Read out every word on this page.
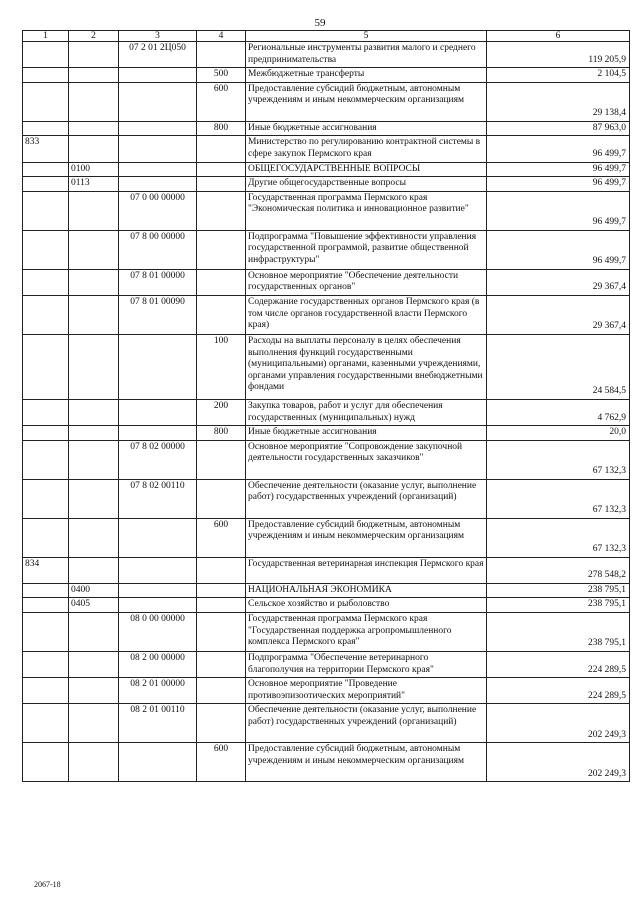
59
1	2	3	4	5	6
		07 2 01 2Ц050		Региональные инструменты развития малого и среднего предпринимательства	119 205,9
			500	Межбюджетные трансферты	2 104,5
			600	Предоставление субсидий бюджетным, автономным учреждениям и иным некоммерческим организациям	29 138,4
			800	Иные бюджетные ассигнования	87 963,0
833				Министерство по регулированию контрактной системы в сфере закупок Пермского края	96 499,7
	0100			ОБЩЕГОСУДАРСТВЕННЫЕ ВОПРОСЫ	96 499,7
	0113			Другие общегосударственные вопросы	96 499,7
		07 0 00 00000		Государственная программа Пермского края "Экономическая политика и инновационное развитие"	96 499,7
		07 8 00 00000		Подпрограмма "Повышение эффективности управления государственной программой, развитие общественной инфраструктуры"	96 499,7
		07 8 01 00000		Основное мероприятие "Обеспечение деятельности государственных органов"	29 367,4
		07 8 01 00090		Содержание государственных органов Пермского края (в том числе органов государственной власти Пермского края)	29 367,4
			100	Расходы на выплаты персоналу в целях обеспечения выполнения функций государственными (муниципальными) органами, казенными учреждениями, органами управления государственными внебюджетными фондами	24 584,5
			200	Закупка товаров, работ и услуг для обеспечения государственных (муниципальных) нужд	4 762,9
			800	Иные бюджетные ассигнования	20,0
		07 8 02 00000		Основное мероприятие "Сопровождение закупочной деятельности государственных заказчиков"	67 132,3
		07 8 02 00110		Обеспечение деятельности (оказание услуг, выполнение работ) государственных учреждений (организаций)	67 132,3
			600	Предоставление субсидий бюджетным, автономным учреждениям и иным некоммерческим организациям	67 132,3
834				Государственная ветеринарная инспекция Пермского края	278 548,2
	0400			НАЦИОНАЛЬНАЯ ЭКОНОМИКА	238 795,1
	0405			Сельское хозяйство и рыболовство	238 795,1
		08 0 00 00000		Государственная программа Пермского края "Государственная поддержка агропромышленного комплекса Пермского края"	238 795,1
		08 2 00 00000		Подпрограмма "Обеспечение ветеринарного благополучия на территории Пермского края"	224 289,5
		08 2 01 00000		Основное мероприятие "Проведение противоэпизоотических мероприятий"	224 289,5
		08 2 01 00110		Обеспечение деятельности (оказание услуг, выполнение работ) государственных учреждений (организаций)	202 249,3
			600	Предоставление субсидий бюджетным, автономным учреждениям и иным некоммерческим организациям	202 249,3
2067-18
